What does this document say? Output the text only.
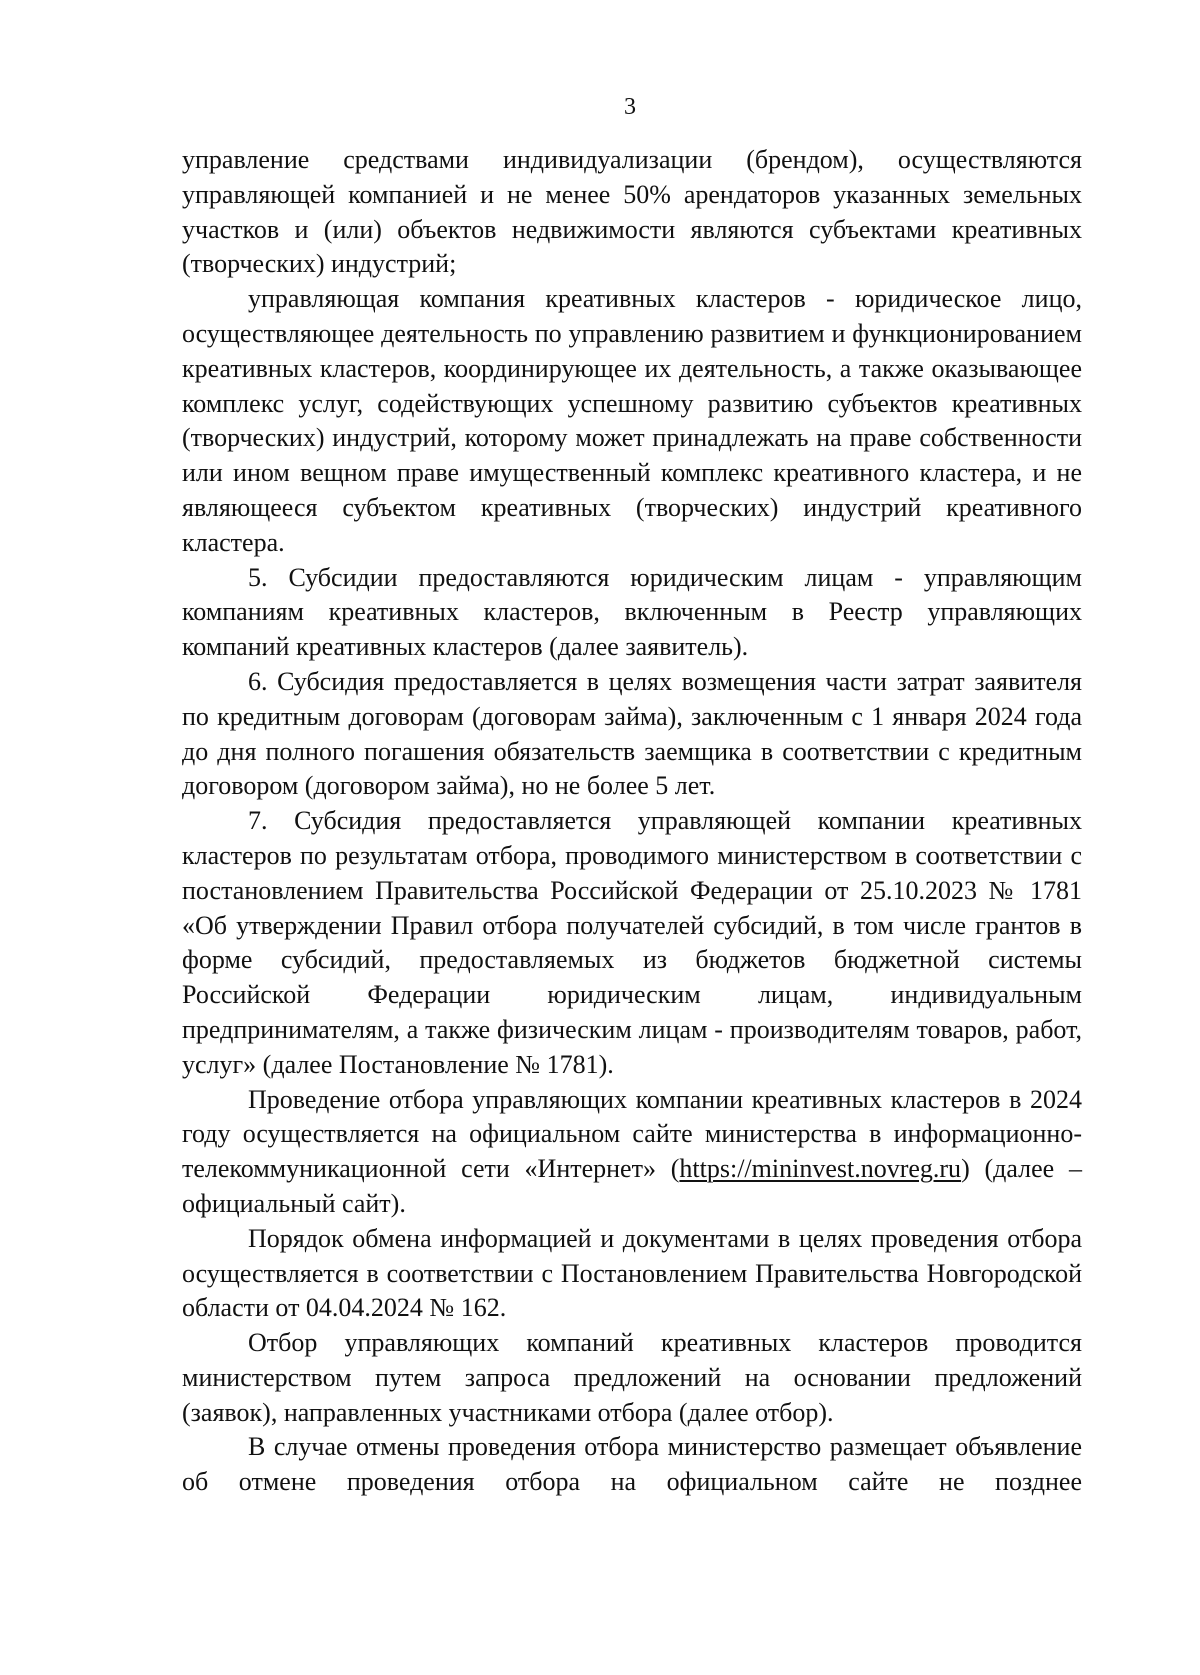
3

управление средствами индивидуализации (брендом), осуществляются управляющей компанией и не менее 50% арендаторов указанных земельных участков и (или) объектов недвижимости являются субъектами креативных (творческих) индустрий;

управляющая компания креативных кластеров - юридическое лицо, осуществляющее деятельность по управлению развитием и функционированием креативных кластеров, координирующее их деятельность, а также оказывающее комплекс услуг, содействующих успешному развитию субъектов креативных (творческих) индустрий, которому может принадлежать на праве собственности или ином вещном праве имущественный комплекс креативного кластера, и не являющееся субъектом креативных (творческих) индустрий креативного кластера.

5. Субсидии предоставляются юридическим лицам - управляющим компаниям креативных кластеров, включенным в Реестр управляющих компаний креативных кластеров (далее заявитель).

6. Субсидия предоставляется в целях возмещения части затрат заявителя по кредитным договорам (договорам займа), заключенным с 1 января 2024 года до дня полного погашения обязательств заемщика в соответствии с кредитным договором (договором займа), но не более 5 лет.

7. Субсидия предоставляется управляющей компании креативных кластеров по результатам отбора, проводимого министерством в соответствии с постановлением Правительства Российской Федерации от 25.10.2023 № 1781 «Об утверждении Правил отбора получателей субсидий, в том числе грантов в форме субсидий, предоставляемых из бюджетов бюджетной системы Российской Федерации юридическим лицам, индивидуальным предпринимателям, а также физическим лицам - производителям товаров, работ, услуг» (далее Постановление № 1781).

Проведение отбора управляющих компании креативных кластеров в 2024 году осуществляется на официальном сайте министерства в информационно-телекоммуникационной сети «Интернет» (https://mininvest.novreg.ru) (далее – официальный сайт).

Порядок обмена информацией и документами в целях проведения отбора осуществляется в соответствии с Постановлением Правительства Новгородской области от 04.04.2024 № 162.

Отбор управляющих компаний креативных кластеров проводится министерством путем запроса предложений на основании предложений (заявок), направленных участниками отбора (далее отбор).

В случае отмены проведения отбора министерство размещает объявление об отмене проведения отбора на официальном сайте не позднее
